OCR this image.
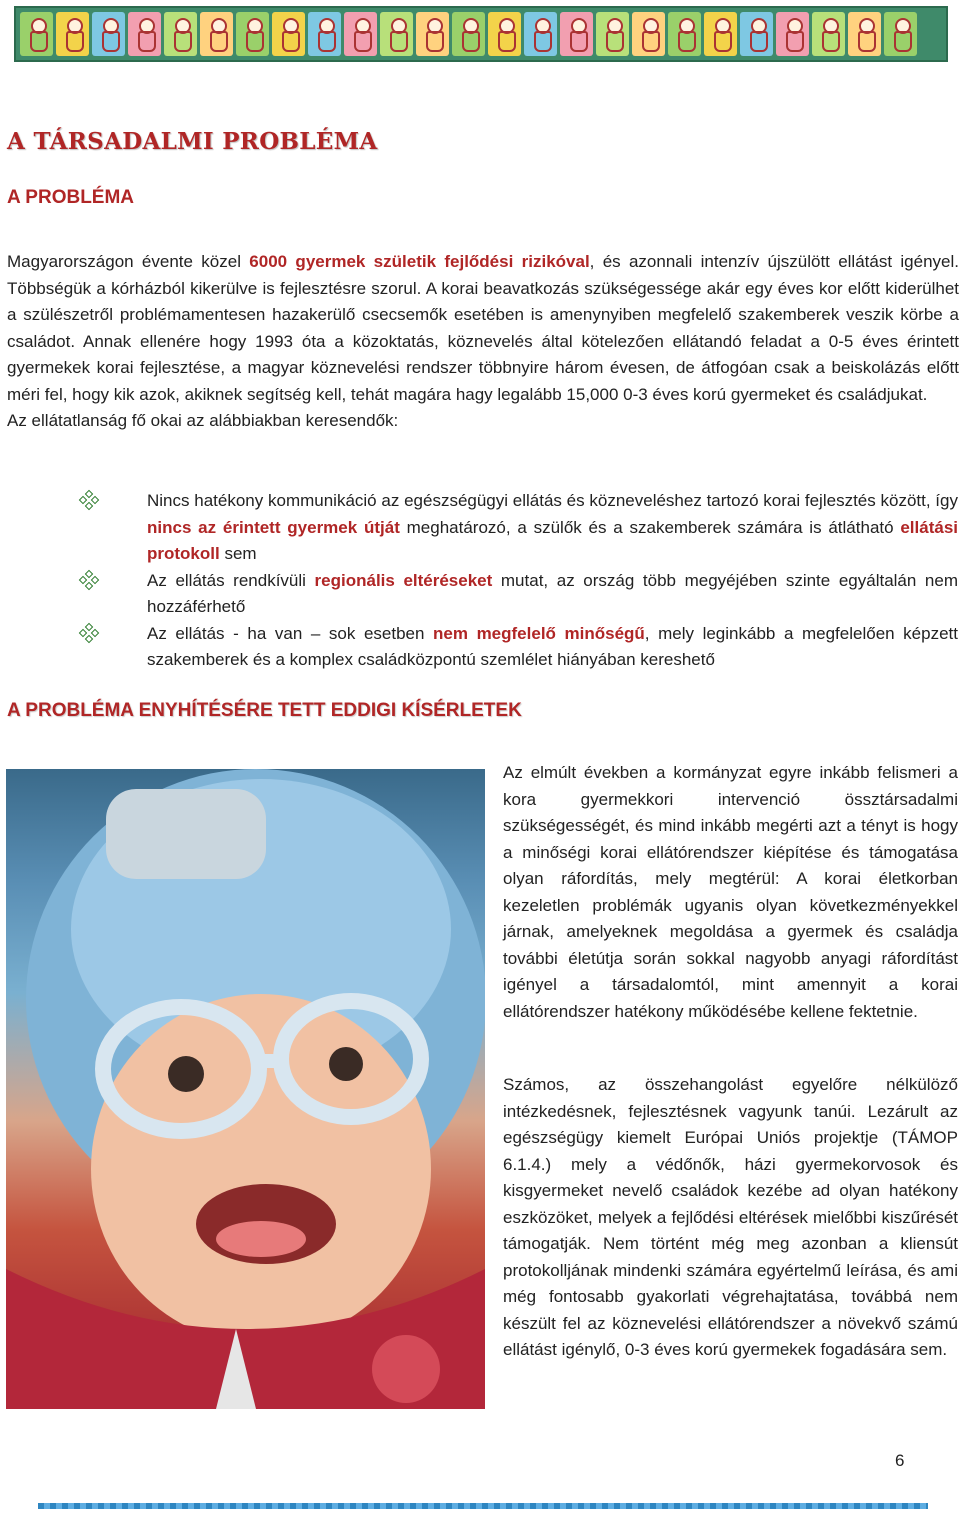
A TÁRSADALMI PROBLÉMA
A PROBLÉMA

Magyarországon évente közel 6000 gyermek születik fejlődési rizikóval, és azonnali intenzív újszülött ellátást igényel. Többségük a kórházból kikerülve is fejlesztésre szorul. A korai beavatkozás szükségessége akár egy éves kor előtt kiderülhet a szülészetről problémamentesen hazakerülő csecsemők esetében is amenynyiben megfelelő szakemberek veszik körbe a családot. Annak ellenére hogy 1993 óta a közoktatás, köznevelés által kötelezően ellátandó feladat a 0-5 éves érintett gyermekek korai fejlesztése, a magyar köznevelési rendszer többnyire három évesen, de átfogóan csak a beiskolázás előtt méri fel, hogy kik azok, akiknek segítség kell, tehát magára hagy legalább 15,000 0-3 éves korú gyermeket és családjukat.
Az ellátatlanság fő okai az alábbiakban keresendők:

Nincs hatékony kommunikáció az egészségügyi ellátás és közneveléshez tartozó korai fejlesztés között, így nincs az érintett gyermek útját meghatározó, a szülők és a szakemberek számára is átlátható ellátási protokoll sem
Az ellátás rendkívüli regionális eltéréseket mutat, az ország több megyéjében szinte egyáltalán nem hozzáférhető
Az ellátás - ha van – sok esetben nem megfelelő minőségű, mely leginkább a megfelelően képzett szakemberek és a komplex családközpontú szemlélet hiányában kereshető
A PROBLÉMA ENYHÍTÉSÉRE TETT EDDIGI KÍSÉRLETEK

Az elmúlt években a kormányzat egyre inkább felismeri a kora gyermekkori intervenció össztársadalmi szükségességét, és mind inkább megérti azt a tényt is hogy a minőségi korai ellátórendszer kiépítése és támogatása olyan ráfordítás, mely megtérül: A korai életkorban kezeletlen problémák ugyanis olyan következményekkel járnak, amelyeknek megoldása a gyermek és családja további életútja során sokkal nagyobb anyagi ráfordítást igényel a társadalomtól, mint amennyit a korai ellátórendszer hatékony működésébe kellene fektetnie.

Számos, az összehangolást egyelőre nélkülöző intézkedésnek, fejlesztésnek vagyunk tanúi. Lezárult az egészségügy kiemelt Európai Uniós projektje (TÁMOP 6.1.4.) mely a védőnők, házi gyermekorvosok és kisgyermeket nevelő családok kezébe ad olyan hatékony eszközöket, melyek a fejlődési eltérések mielőbbi kiszűrését támogatják. Nem történt még meg azonban a kliensút protokolljának mindenki számára egyértelmű leírása, és ami még fontosabb gyakorlati végrehajtatása, továbbá nem készült fel az köznevelési ellátórendszer a növekvő számú ellátást igénylő, 0-3 éves korú gyermekek fogadására sem.

6
